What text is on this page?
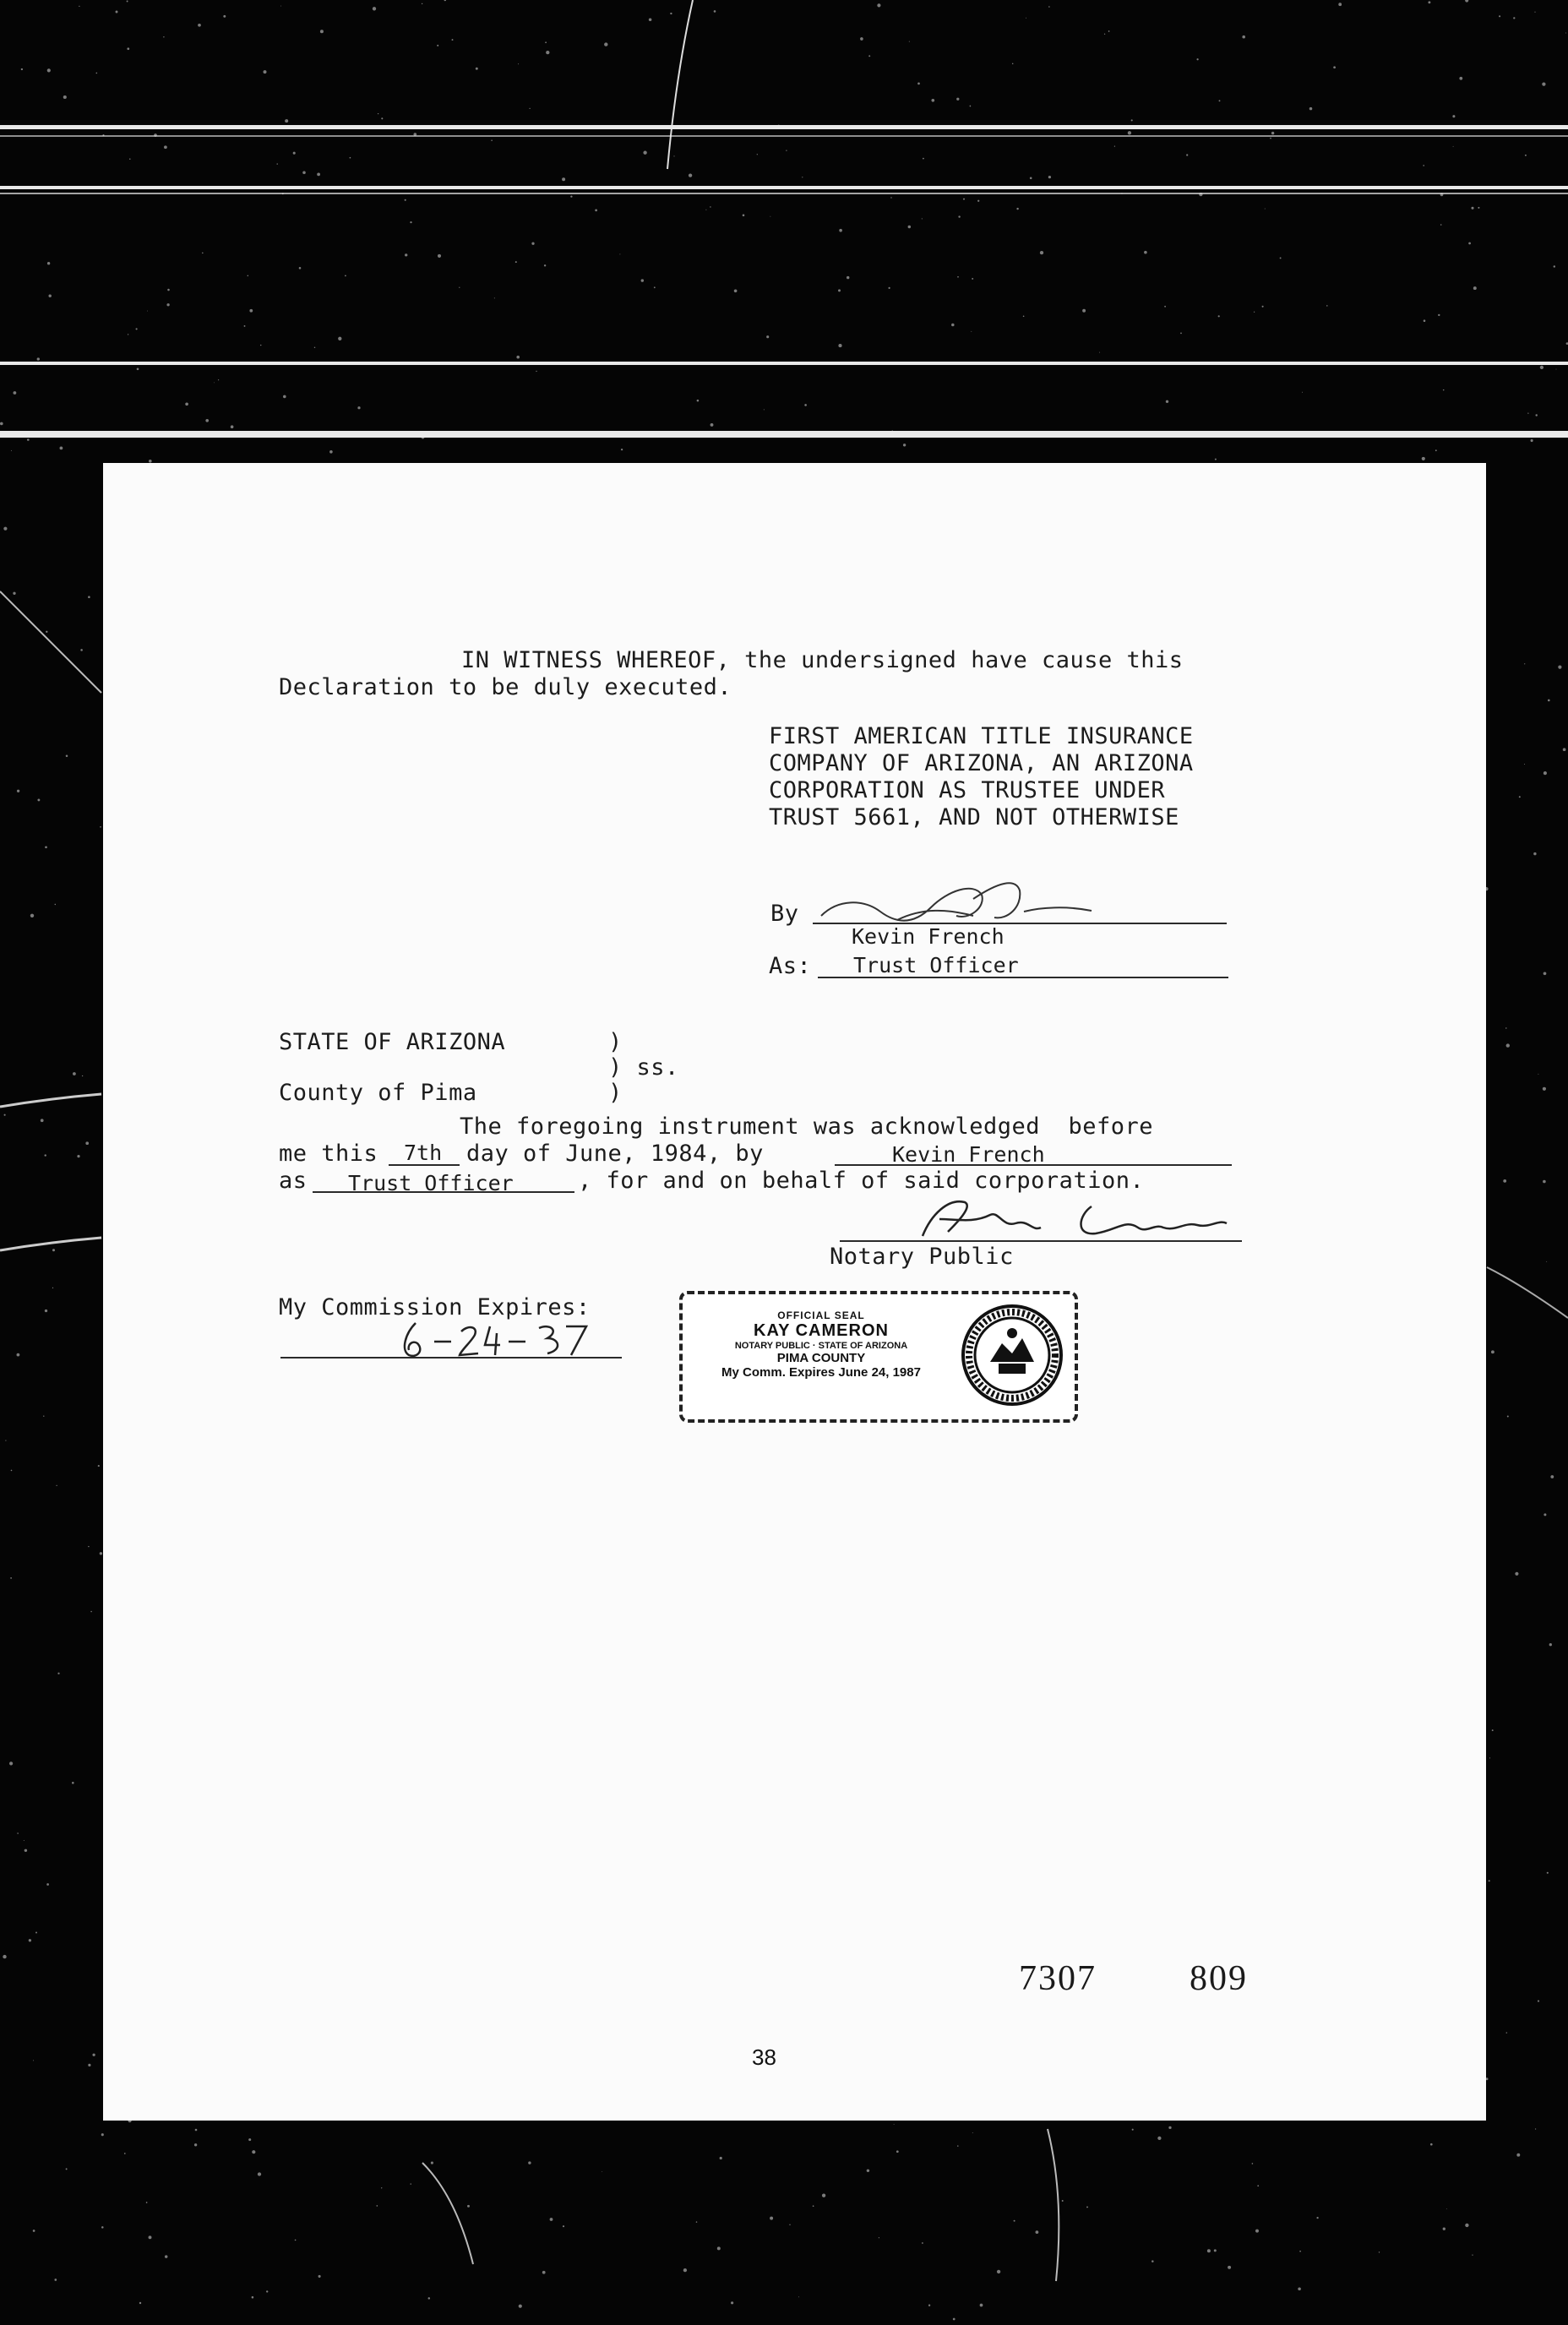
IN WITNESS WHEREOF, the undersigned have cause this
Declaration to be duly executed.
FIRST AMERICAN TITLE INSURANCE
COMPANY OF ARIZONA, AN ARIZONA
CORPORATION AS TRUSTEE UNDER
TRUST 5661, AND NOT OTHERWISE
By
Kevin French
As: Trust Officer
STATE OF ARIZONA	)
) ss.
County of Pima	)
The foregoing instrument was acknowledged  before
me this 7th day of June, 1984, by	Kevin French
as Trust Officer	, for and on behalf of said corporation.
Notary Public
My Commission Expires:	OFFICIAL SEAL
KAY CAMERON
NOTARY PUBLIC · STATE OF ARIZONA
PIMA COUNTY
My Comm. Expires June 24, 1987
7307	809
38
